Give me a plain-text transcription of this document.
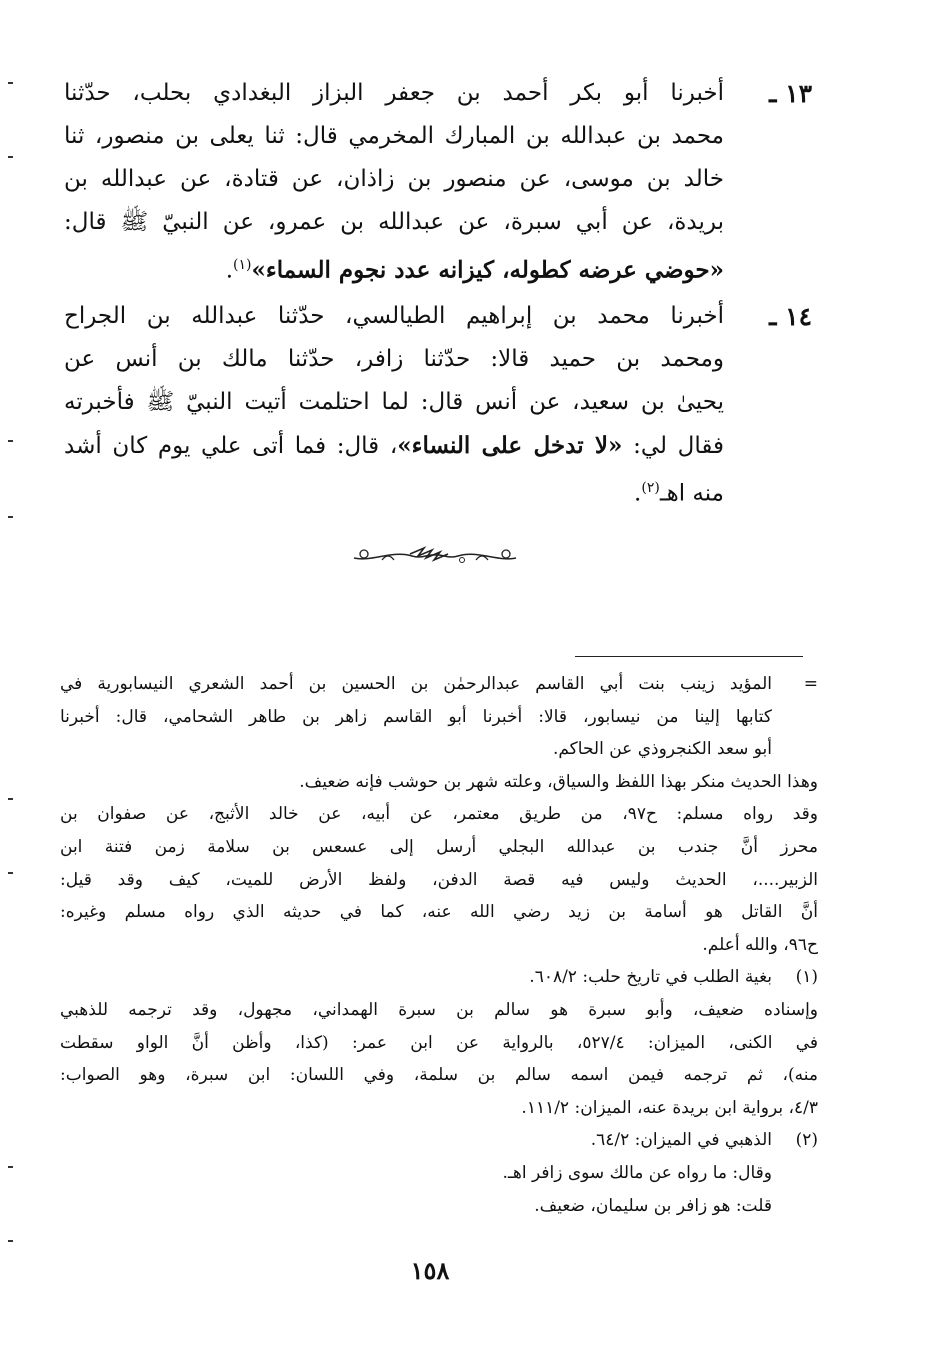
١٣ ـ
أخبرنا أبو بكر أحمد بن جعفر البزاز البغدادي بحلب، حدّثنا
محمد بن عبدالله بن المبارك المخرمي قال: ثنا يعلى بن منصور، ثنا
خالد بن موسى، عن منصور بن زاذان، عن قتادة، عن عبدالله بن
بريدة، عن أبي سبرة، عن عبدالله بن عمرو، عن النبيّ ﷺ قال:
«حوضي عرضه كطوله، كيزانه عدد نجوم السماء»$^{(١)}$.
١٤ ـ
أخبرنا محمد بن إبراهيم الطيالسي، حدّثنا عبدالله بن الجراح
ومحمد بن حميد قالا: حدّثنا زافر، حدّثنا مالك بن أنس عن
يحيىٰ بن سعيد، عن أنس قال: لما احتلمت أتيت النبيّ ﷺ فأخبرته
فقال لي: «لا تدخل على النساء»، قال: فما أتى علي يوم كان أشد
منه اهـ$^{(٢)}$.
=
المؤيد زينب بنت أبي القاسم عبدالرحمٰن بن الحسين بن أحمد الشعري النيسابورية في
كتابها إلينا من نيسابور، قالا: أخبرنا أبو القاسم زاهر بن طاهر الشحامي، قال: أخبرنا
أبو سعد الكنجروذي عن الحاكم.
وهذا الحديث منكر بهذا اللفظ والسياق، وعلته شهر بن حوشب فإنه ضعيف.
وقد رواه مسلم: ح٩٧، من طريق معتمر، عن أبيه، عن خالد الأثبج، عن صفوان بن
محرز أنَّ جندب بن عبدالله البجلي أرسل إلى عسعس بن سلامة زمن فتنة ابن
الزبير....، الحديث وليس فيه قصة الدفن، ولفظ الأرض للميت، كيف وقد قيل:
أنَّ القاتل هو أسامة بن زيد رضي الله عنه، كما في حديثه الذي رواه مسلم وغيره:
ح٩٦، والله أعلم.
(١)
بغية الطلب في تاريخ حلب: ٦٠٨/٢.
وإسناده ضعيف، وأبو سبرة هو سالم بن سبرة الهمداني، مجهول، وقد ترجمه للذهبي
في الكنى، الميزان: ٥٢٧/٤، بالرواية عن ابن عمر: (كذا، وأظن أنَّ الواو سقطت
منه)، ثم ترجمه فيمن اسمه سالم بن سلمة، وفي اللسان: ابن سبرة، وهو الصواب:
٤/٣، برواية ابن بريدة عنه، الميزان: ١١١/٢.
(٢)
الذهبي في الميزان: ٦٤/٢.
وقال: ما رواه عن مالك سوى زافر اهـ.
قلت: هو زافر بن سليمان، ضعيف.
١٥٨
